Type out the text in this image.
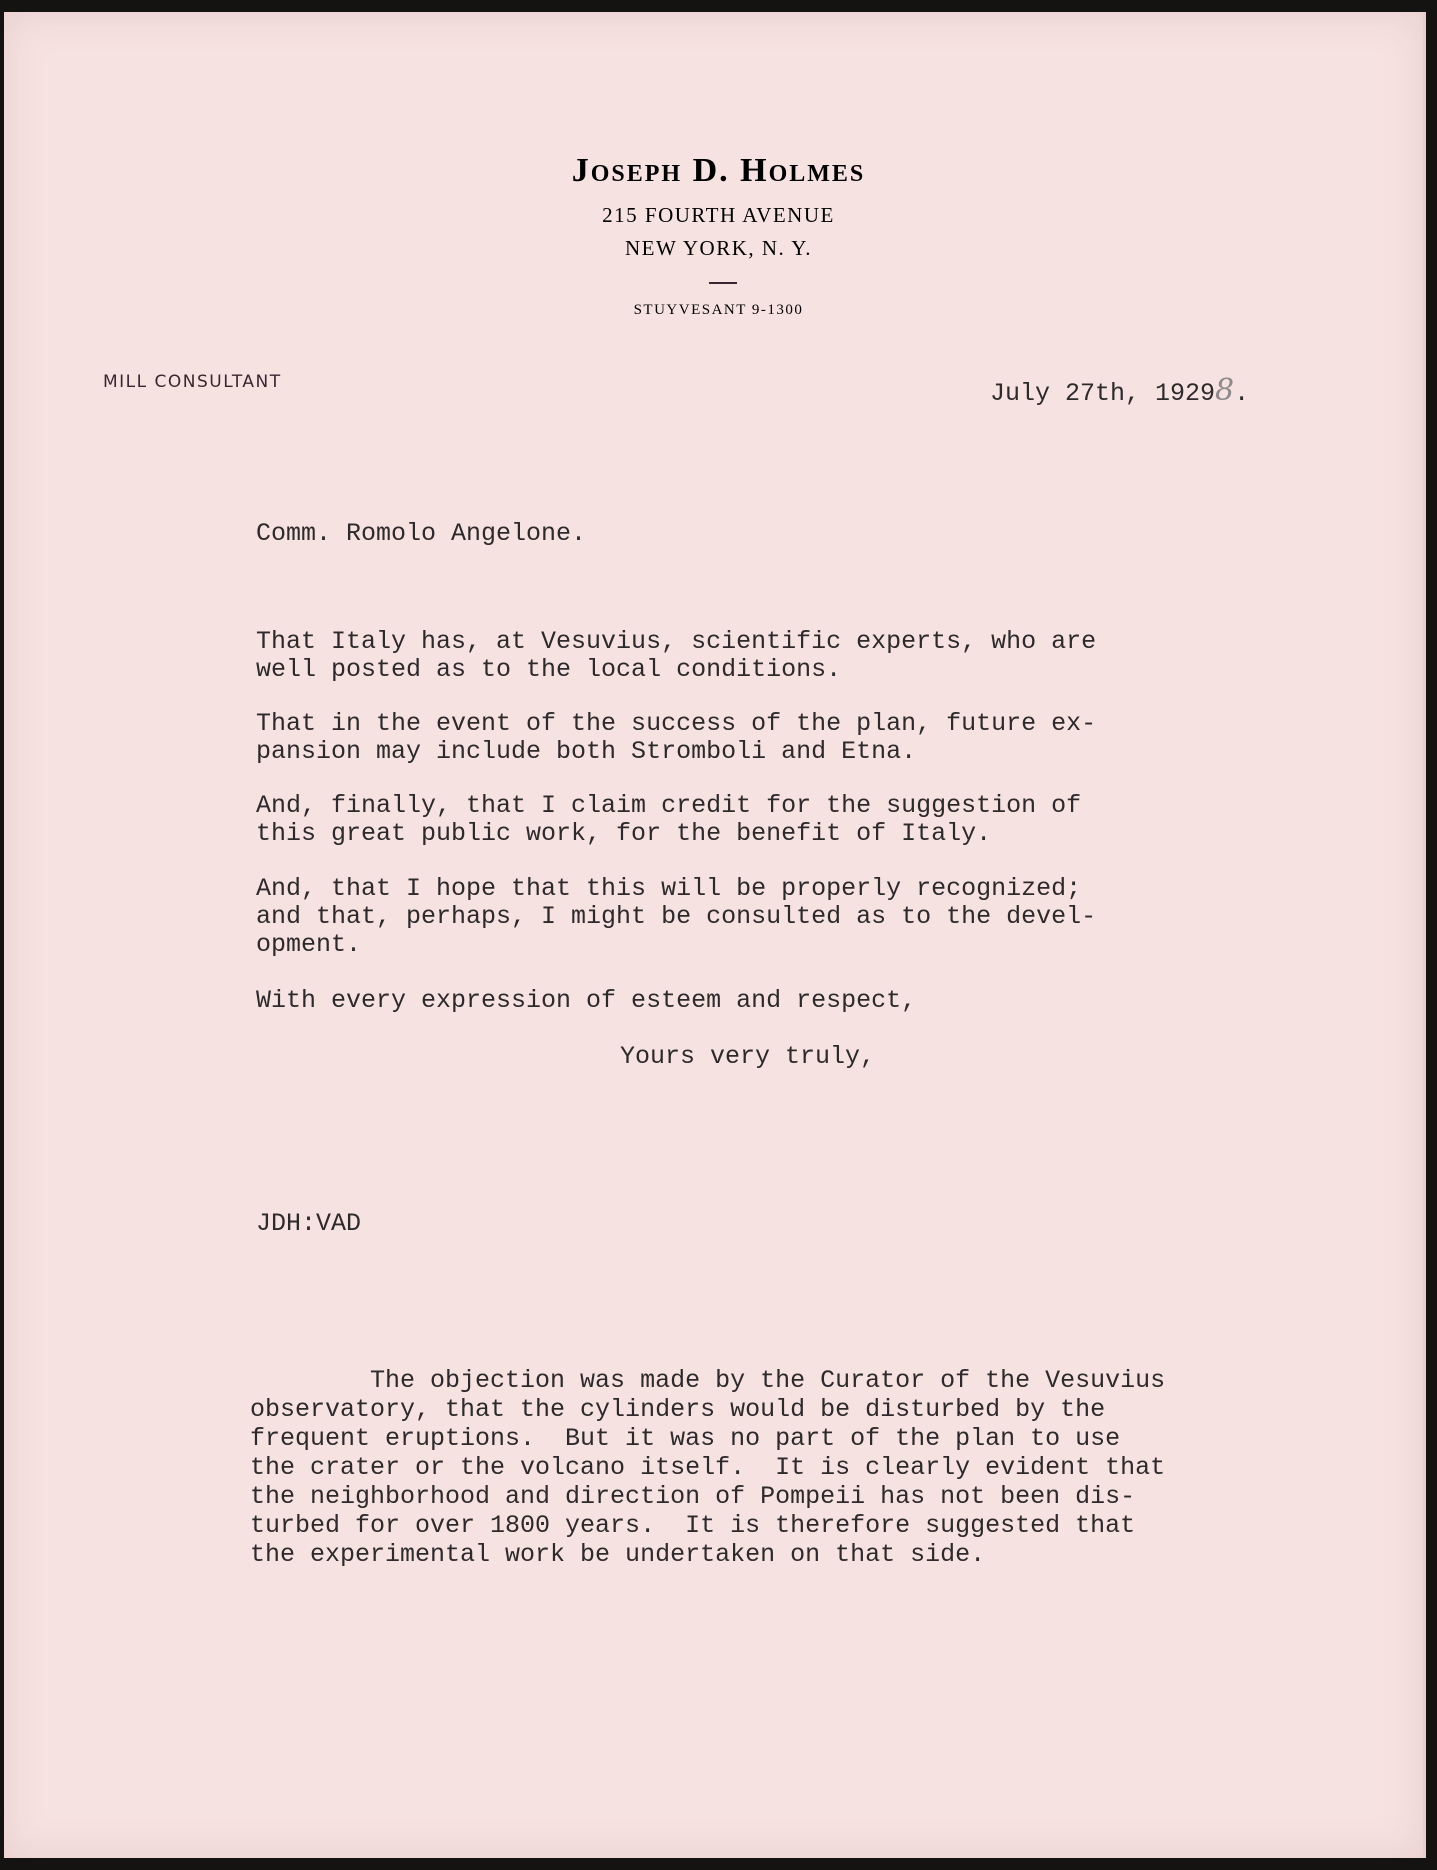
Joseph D. Holmes
215 FOURTH AVENUE
NEW YORK, N. Y.
STUYVESANT 9-1300
MILL CONSULTANT	July 27th, 19298.
Comm. Romolo Angelone.
That Italy has, at Vesuvius, scientific experts, who are
well posted as to the local conditions.
That in the event of the success of the plan, future ex-
pansion may include both Stromboli and Etna.
And, finally, that I claim credit for the suggestion of
this great public work, for the benefit of Italy.
And, that I hope that this will be properly recognized;
and that, perhaps, I might be consulted as to the devel-
opment.
With every expression of esteem and respect,
Yours very truly,
JDH:VAD
The objection was made by the Curator of the Vesuvius
observatory, that the cylinders would be disturbed by the
frequent eruptions.  But it was no part of the plan to use
the crater or the volcano itself.  It is clearly evident that
the neighborhood and direction of Pompeii has not been dis-
turbed for over 1800 years.  It is therefore suggested that
the experimental work be undertaken on that side.
